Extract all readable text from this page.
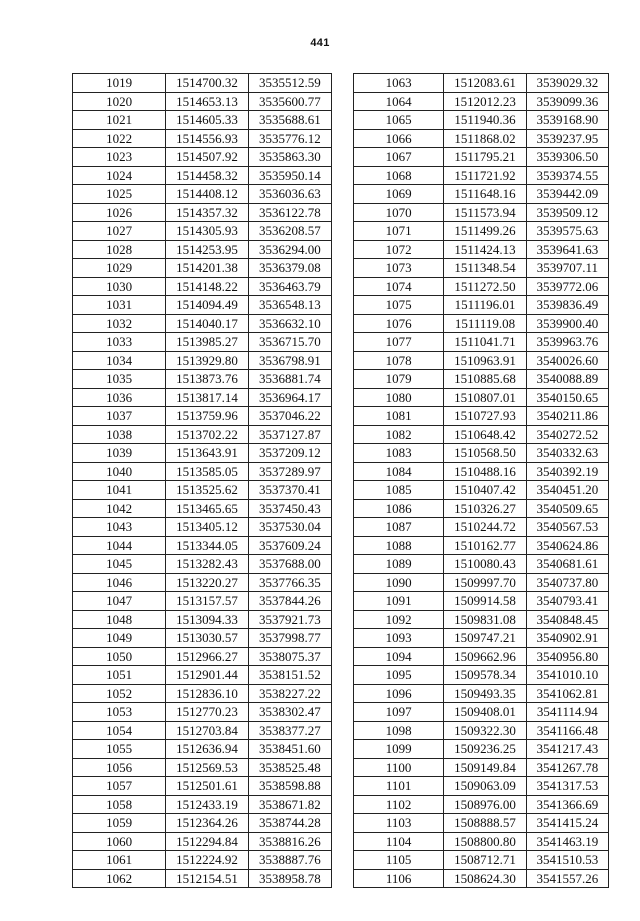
441
1019	1514700.32	3535512.59
1020	1514653.13	3535600.77
1021	1514605.33	3535688.61
1022	1514556.93	3535776.12
1023	1514507.92	3535863.30
1024	1514458.32	3535950.14
1025	1514408.12	3536036.63
1026	1514357.32	3536122.78
1027	1514305.93	3536208.57
1028	1514253.95	3536294.00
1029	1514201.38	3536379.08
1030	1514148.22	3536463.79
1031	1514094.49	3536548.13
1032	1514040.17	3536632.10
1033	1513985.27	3536715.70
1034	1513929.80	3536798.91
1035	1513873.76	3536881.74
1036	1513817.14	3536964.17
1037	1513759.96	3537046.22
1038	1513702.22	3537127.87
1039	1513643.91	3537209.12
1040	1513585.05	3537289.97
1041	1513525.62	3537370.41
1042	1513465.65	3537450.43
1043	1513405.12	3537530.04
1044	1513344.05	3537609.24
1045	1513282.43	3537688.00
1046	1513220.27	3537766.35
1047	1513157.57	3537844.26
1048	1513094.33	3537921.73
1049	1513030.57	3537998.77
1050	1512966.27	3538075.37
1051	1512901.44	3538151.52
1052	1512836.10	3538227.22
1053	1512770.23	3538302.47
1054	1512703.84	3538377.27
1055	1512636.94	3538451.60
1056	1512569.53	3538525.48
1057	1512501.61	3538598.88
1058	1512433.19	3538671.82
1059	1512364.26	3538744.28
1060	1512294.84	3538816.26
1061	1512224.92	3538887.76
1062	1512154.51	3538958.78
1063	1512083.61	3539029.32
1064	1512012.23	3539099.36
1065	1511940.36	3539168.90
1066	1511868.02	3539237.95
1067	1511795.21	3539306.50
1068	1511721.92	3539374.55
1069	1511648.16	3539442.09
1070	1511573.94	3539509.12
1071	1511499.26	3539575.63
1072	1511424.13	3539641.63
1073	1511348.54	3539707.11
1074	1511272.50	3539772.06
1075	1511196.01	3539836.49
1076	1511119.08	3539900.40
1077	1511041.71	3539963.76
1078	1510963.91	3540026.60
1079	1510885.68	3540088.89
1080	1510807.01	3540150.65
1081	1510727.93	3540211.86
1082	1510648.42	3540272.52
1083	1510568.50	3540332.63
1084	1510488.16	3540392.19
1085	1510407.42	3540451.20
1086	1510326.27	3540509.65
1087	1510244.72	3540567.53
1088	1510162.77	3540624.86
1089	1510080.43	3540681.61
1090	1509997.70	3540737.80
1091	1509914.58	3540793.41
1092	1509831.08	3540848.45
1093	1509747.21	3540902.91
1094	1509662.96	3540956.80
1095	1509578.34	3541010.10
1096	1509493.35	3541062.81
1097	1509408.01	3541114.94
1098	1509322.30	3541166.48
1099	1509236.25	3541217.43
1100	1509149.84	3541267.78
1101	1509063.09	3541317.53
1102	1508976.00	3541366.69
1103	1508888.57	3541415.24
1104	1508800.80	3541463.19
1105	1508712.71	3541510.53
1106	1508624.30	3541557.26
